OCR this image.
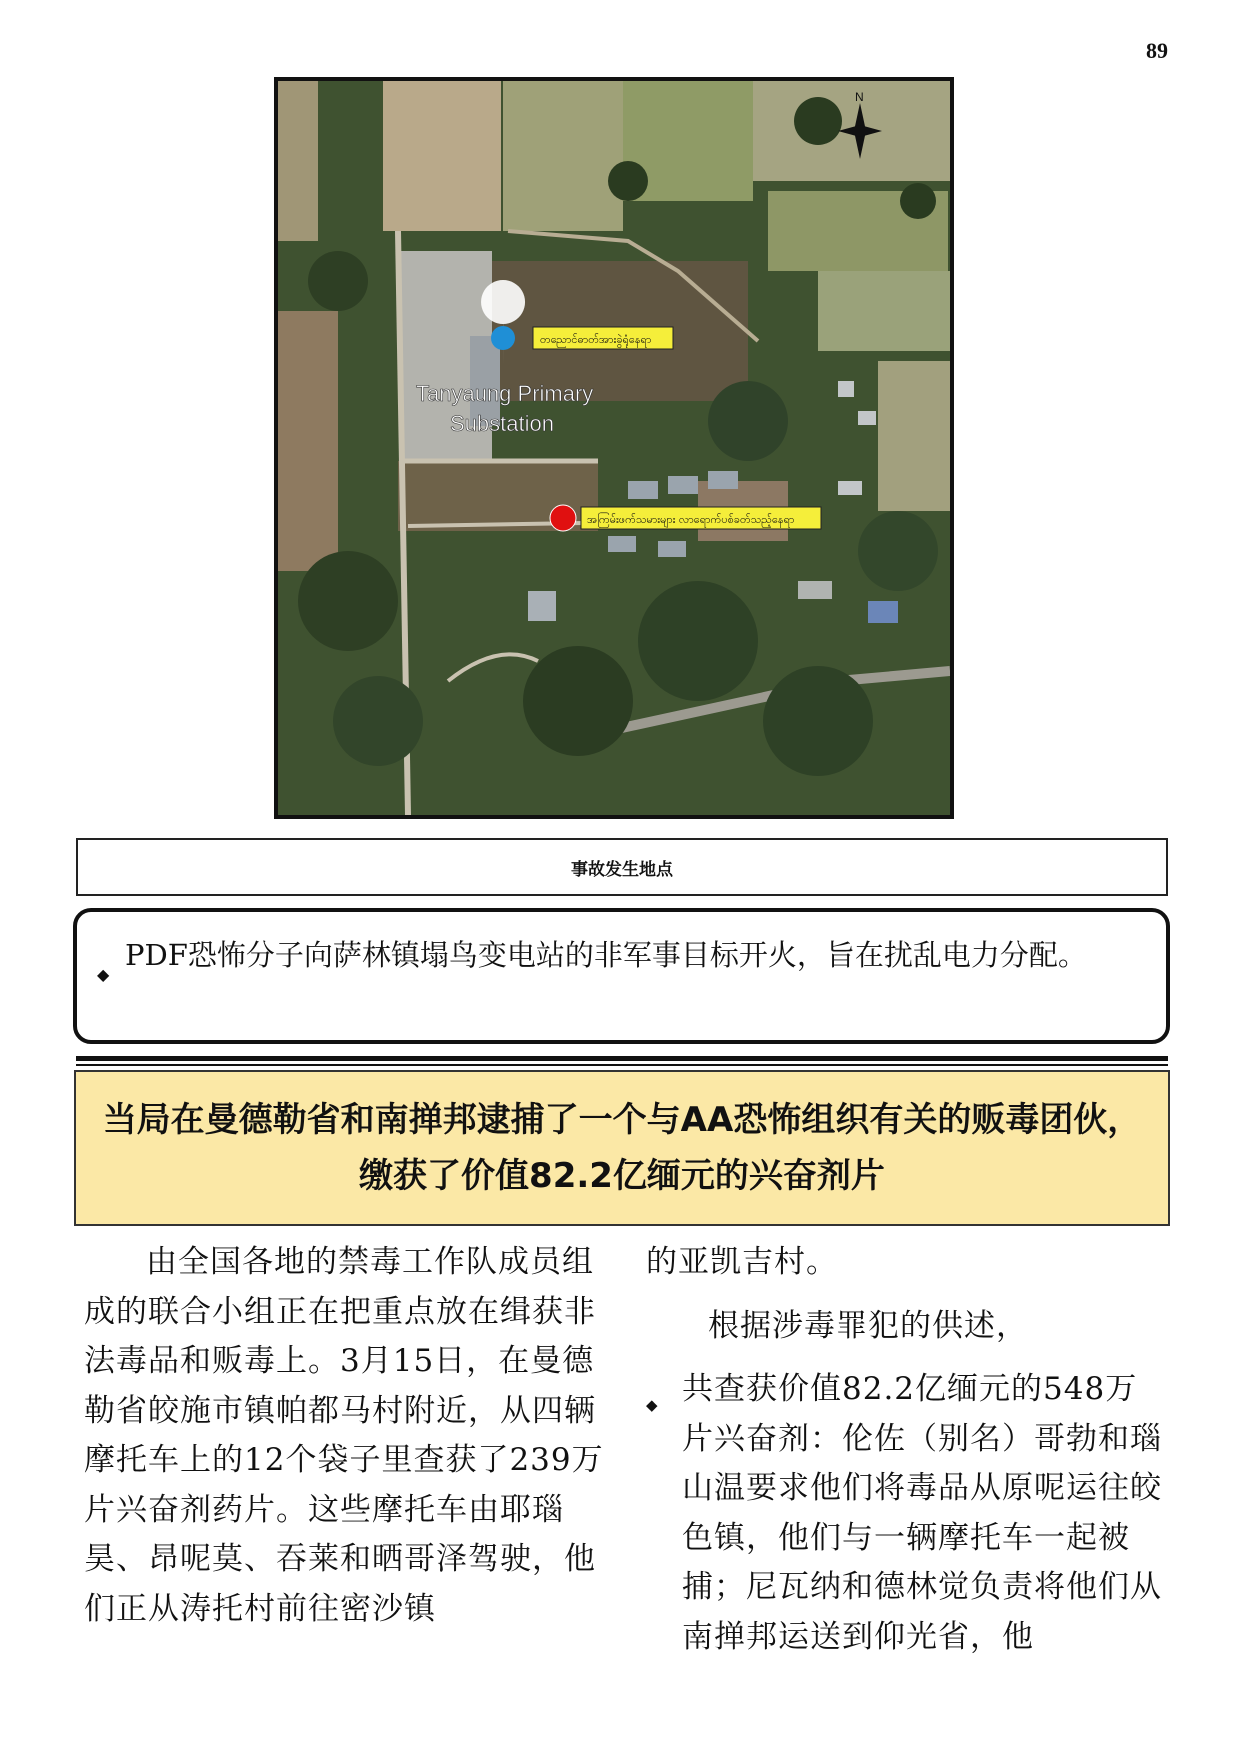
89
N
တညောင်ဓာတ်အားခွဲရုံနေရာ
Tanyaung Primary
Substation
အကြမ်းဖက်သမားများ လာရောက်ပစ်ခတ်သည့်နေရာ
事故发生地点
◆
PDF恐怖分子向萨林镇塌鸟变电站的非军事目标开火，旨在扰乱电力分配。
当局在曼德勒省和南掸邦逮捕了一个与AA恐怖组织有关的贩毒团伙，缴获了价值82.2亿缅元的兴奋剂片

由全国各地的禁毒工作队成员组成的联合小组正在把重点放在缉获非法毒品和贩毒上。3月15日，在曼德勒省皎施市镇帕都马村附近，从四辆摩托车上的12个袋子里查获了239万片兴奋剂药片。这些摩托车由耶瑙昊、昂呢莫、吞莱和晒哥泽驾驶，他们正从涛托村前往密沙镇

的亚凯吉村。

根据涉毒罪犯的供述，

◆ 共查获价值82.2亿缅元的548万片兴奋剂：伦佐（别名）哥勃和瑙山温要求他们将毒品从原呢运往皎色镇，他们与一辆摩托车一起被捕；尼瓦纳和德林觉负责将他们从南掸邦运送到仰光省，他
